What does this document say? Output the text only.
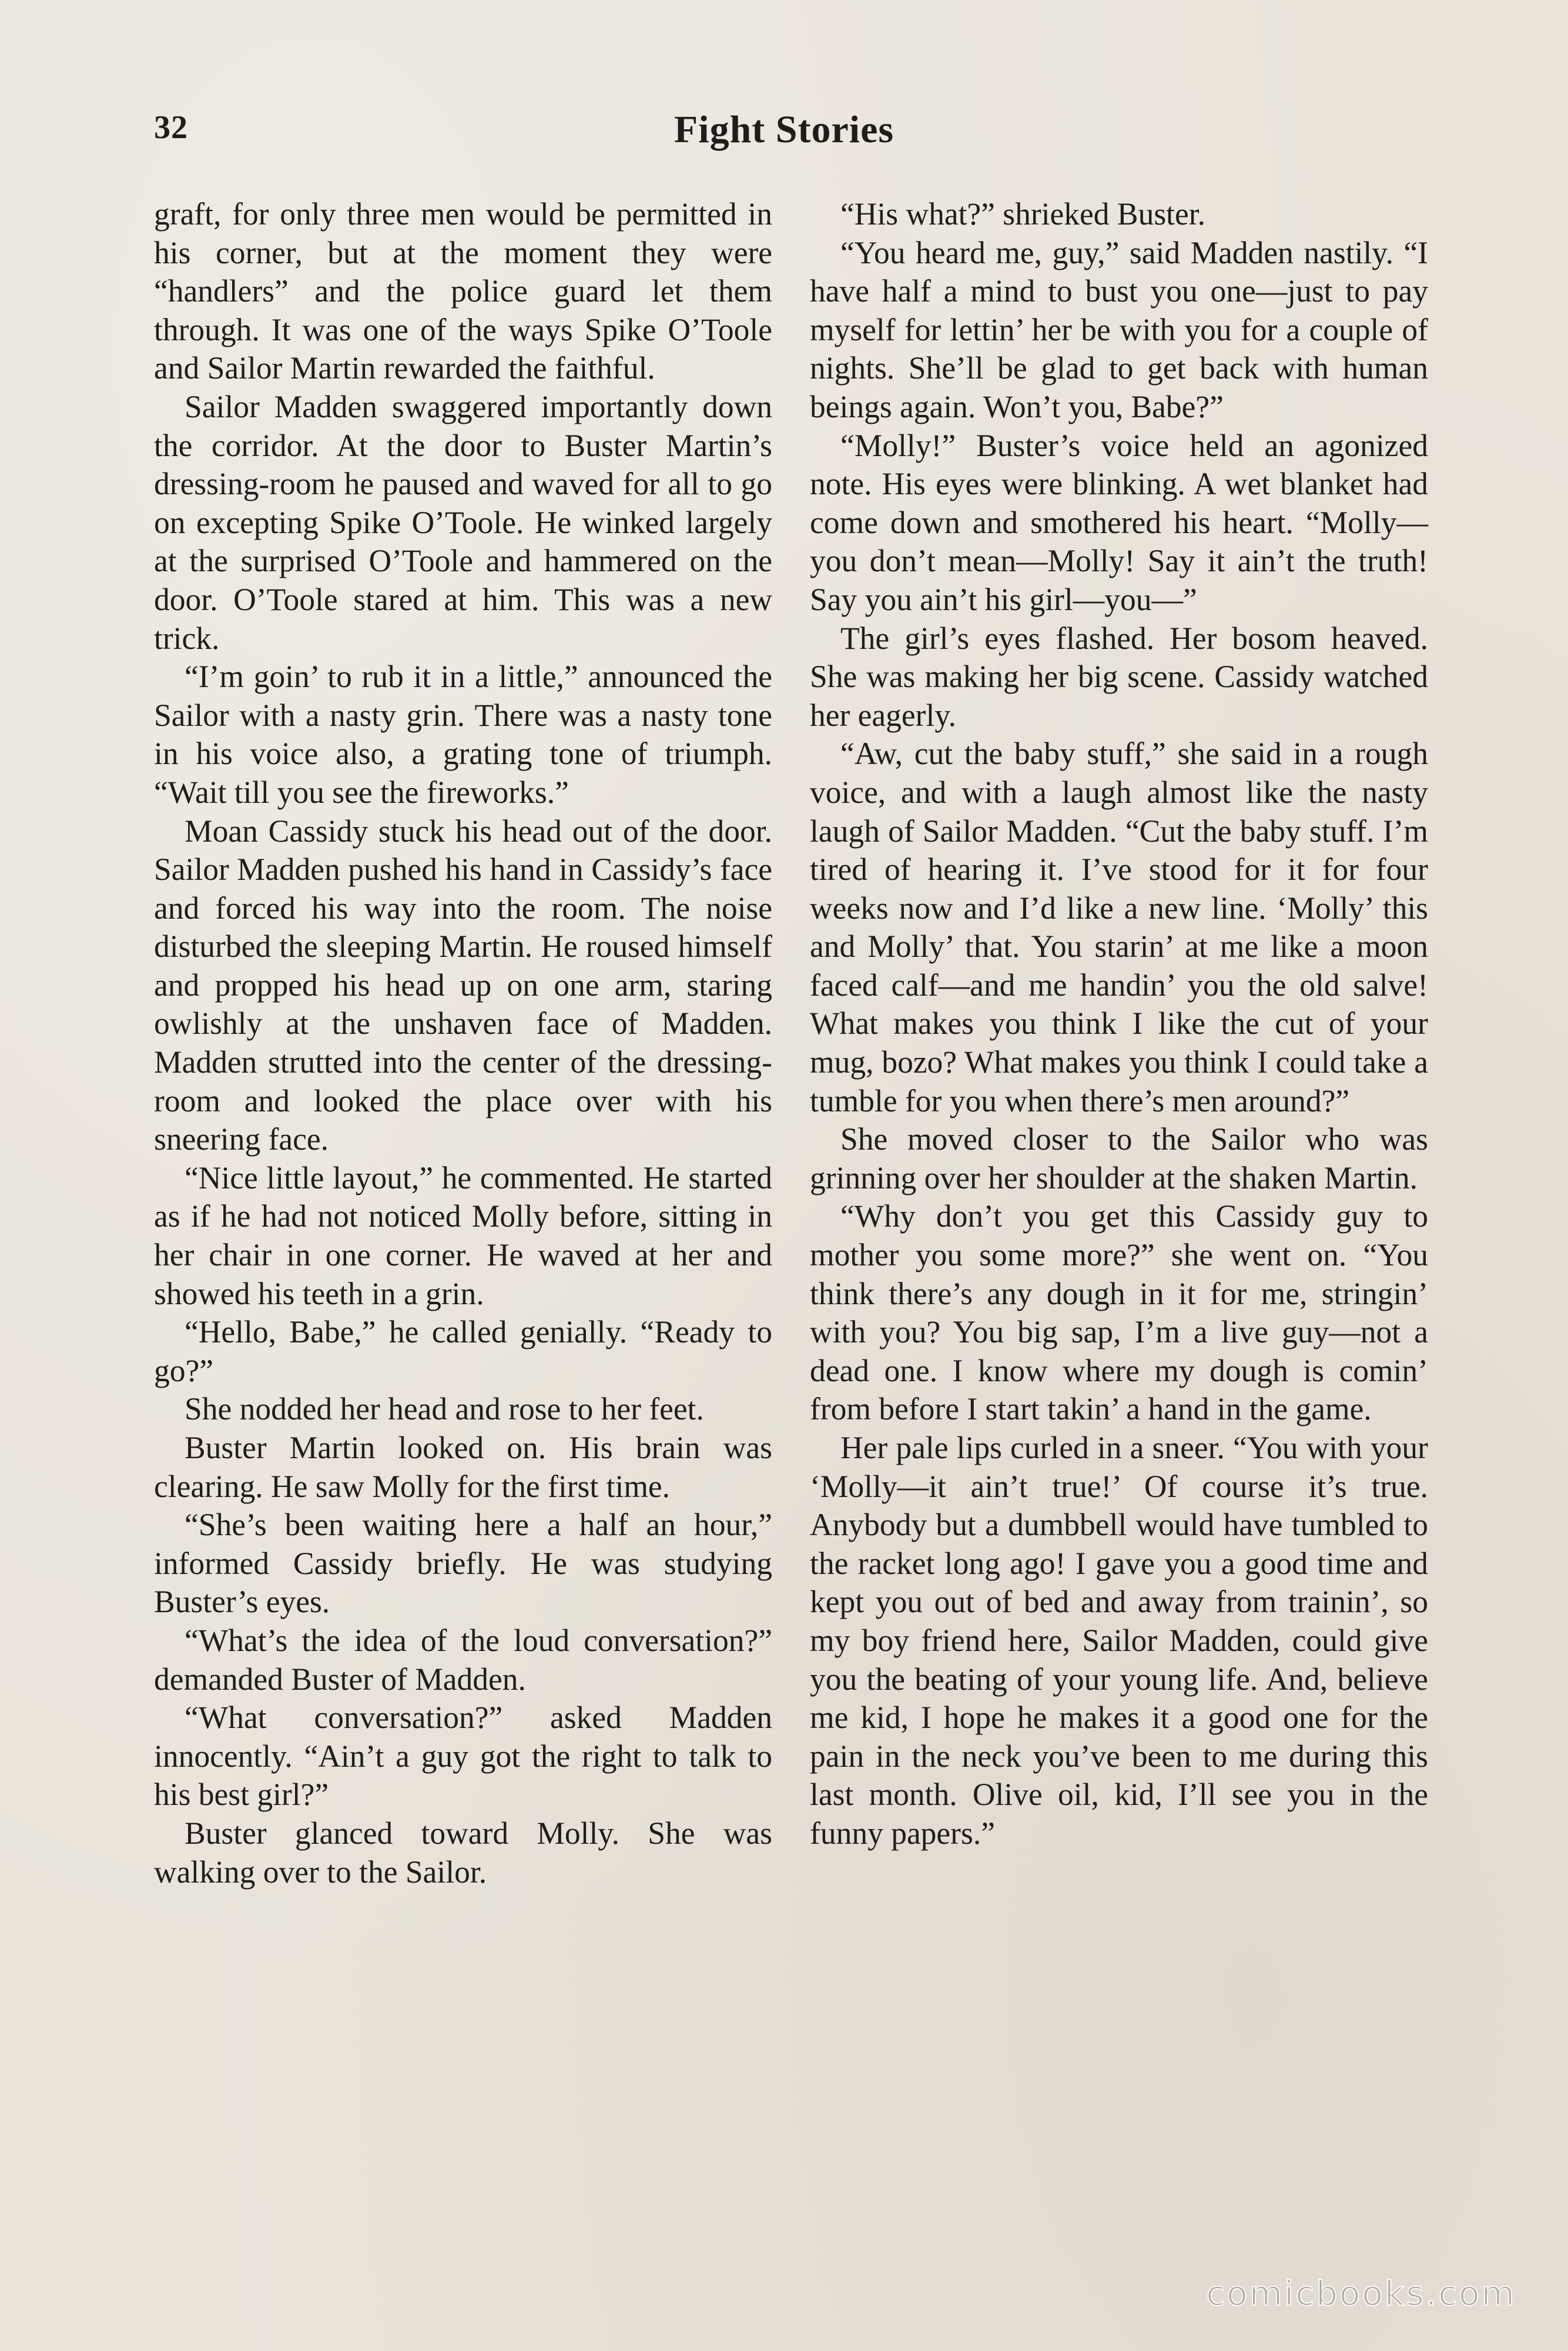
32	Fight Stories

graft, for only three men would be permitted in his corner, but at the moment they were “handlers” and the police guard let them through. It was one of the ways Spike O’Toole and Sailor Martin rewarded the faithful.

Sailor Madden swaggered importantly down the corridor. At the door to Buster Martin’s dressing-room he paused and waved for all to go on excepting Spike O’Toole. He winked largely at the surprised O’Toole and hammered on the door. O’Toole stared at him. This was a new trick.

“I’m goin’ to rub it in a little,” announced the Sailor with a nasty grin. There was a nasty tone in his voice also, a grating tone of triumph. “Wait till you see the fireworks.”

Moan Cassidy stuck his head out of the door. Sailor Madden pushed his hand in Cassidy’s face and forced his way into the room. The noise disturbed the sleeping Martin. He roused himself and propped his head up on one arm, staring owlishly at the unshaven face of Madden. Madden strutted into the center of the dressing-room and looked the place over with his sneering face.

“Nice little layout,” he commented. He started as if he had not noticed Molly before, sitting in her chair in one corner. He waved at her and showed his teeth in a grin.

“Hello, Babe,” he called genially. “Ready to go?”

She nodded her head and rose to her feet.

Buster Martin looked on. His brain was clearing. He saw Molly for the first time.

“She’s been waiting here a half an hour,” informed Cassidy briefly. He was studying Buster’s eyes.

“What’s the idea of the loud conversation?” demanded Buster of Madden.

“What conversation?” asked Madden innocently. “Ain’t a guy got the right to talk to his best girl?”

Buster glanced toward Molly. She was walking over to the Sailor.

“His what?” shrieked Buster.

“You heard me, guy,” said Madden nastily. “I have half a mind to bust you one—just to pay myself for lettin’ her be with you for a couple of nights. She’ll be glad to get back with human beings again. Won’t you, Babe?”

“Molly!” Buster’s voice held an agonized note. His eyes were blinking. A wet blanket had come down and smothered his heart. “Molly—you don’t mean—Molly! Say it ain’t the truth! Say you ain’t his girl—you—”

The girl’s eyes flashed. Her bosom heaved. She was making her big scene. Cassidy watched her eagerly.

“Aw, cut the baby stuff,” she said in a rough voice, and with a laugh almost like the nasty laugh of Sailor Madden. “Cut the baby stuff. I’m tired of hearing it. I’ve stood for it for four weeks now and I’d like a new line. ‘Molly’ this and Molly’ that. You starin’ at me like a moon faced calf—and me handin’ you the old salve! What makes you think I like the cut of your mug, bozo? What makes you think I could take a tumble for you when there’s men around?”

She moved closer to the Sailor who was grinning over her shoulder at the shaken Martin.

“Why don’t you get this Cassidy guy to mother you some more?” she went on. “You think there’s any dough in it for me, stringin’ with you? You big sap, I’m a live guy—not a dead one. I know where my dough is comin’ from before I start takin’ a hand in the game.

Her pale lips curled in a sneer. “You with your ‘Molly—it ain’t true!’ Of course it’s true. Anybody but a dumbbell would have tumbled to the racket long ago! I gave you a good time and kept you out of bed and away from trainin’, so my boy friend here, Sailor Madden, could give you the beating of your young life. And, believe me kid, I hope he makes it a good one for the pain in the neck you’ve been to me during this last month. Olive oil, kid, I’ll see you in the funny papers.”

comicbooks.com
